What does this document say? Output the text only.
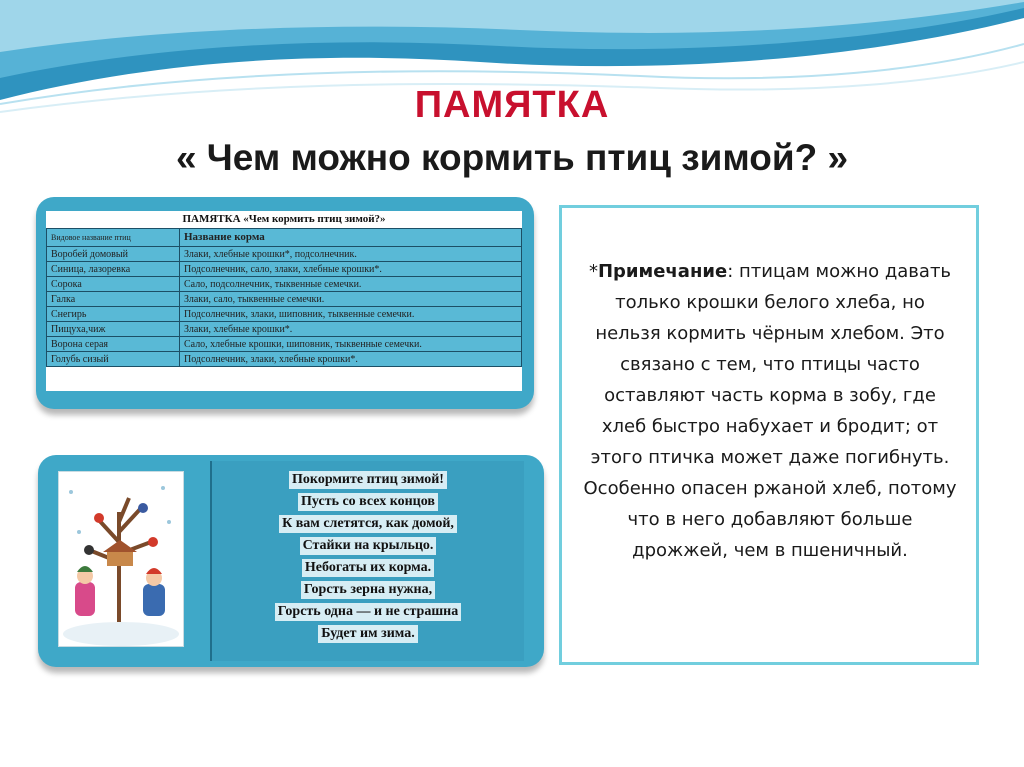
ПАМЯТКА
« Чем можно кормить птиц зимой? »
ПАМЯТКА «Чем кормить птиц зимой?»
Видовое название птиц	Название корма
Воробей домовый	Злаки, хлебные крошки*, подсолнечник.
Синица, лазоревка	Подсолнечник, сало, злаки, хлебные крошки*.
Сорока	Сало, подсолнечник, тыквенные семечки.
Галка	Злаки, сало, тыквенные семечки.
Снегирь	Подсолнечник, злаки, шиповник, тыквенные семечки.
Пищуха,чиж	Злаки, хлебные крошки*.
Ворона серая	Сало, хлебные крошки, шиповник, тыквенные семечки.
Голубь сизый	Подсолнечник, злаки, хлебные крошки*.
Покормите птиц зимой!
Пусть со всех концов
К вам слетятся, как домой,
Стайки на крыльцо.
Небогаты их корма.
Горсть зерна нужна,
Горсть одна — и не страшна
Будет им зима.
*Примечание: птицам можно давать только крошки белого хлеба, но нельзя кормить чёрным хлебом. Это связано с тем, что птицы часто оставляют часть корма в зобу, где хлеб быстро набухает и бродит; от этого птичка может даже погибнуть. Особенно опасен ржаной хлеб, потому что в него добавляют больше дрожжей, чем в пшеничный.
